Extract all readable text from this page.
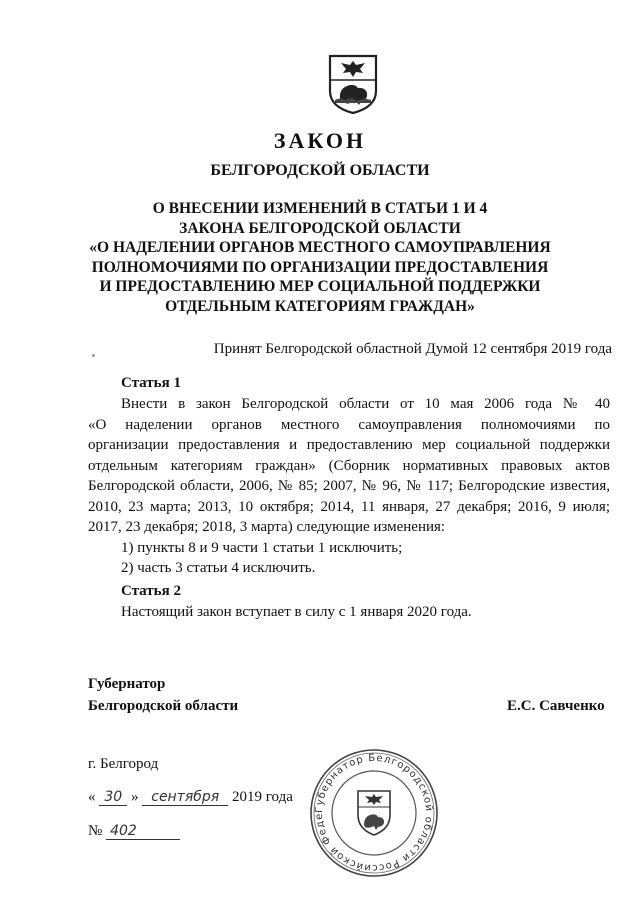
ЗАКОН
БЕЛГОРОДСКОЙ ОБЛАСТИ
О ВНЕСЕНИИ ИЗМЕНЕНИЙ В СТАТЬИ 1 И 4
ЗАКОНА БЕЛГОРОДСКОЙ ОБЛАСТИ
«О НАДЕЛЕНИИ ОРГАНОВ МЕСТНОГО САМОУПРАВЛЕНИЯ
ПОЛНОМОЧИЯМИ ПО ОРГАНИЗАЦИИ ПРЕДОСТАВЛЕНИЯ
И ПРЕДОСТАВЛЕНИЮ МЕР СОЦИАЛЬНОЙ ПОДДЕРЖКИ
ОТДЕЛЬНЫМ КАТЕГОРИЯМ ГРАЖДАН»
Принят Белгородской областной Думой 12 сентября 2019 года
Статья 1
Внести в закон Белгородской области от 10 мая 2006 года № 40
«О наделении органов местного самоуправления полномочиями по
организации предоставления и предоставлению мер социальной поддержки
отдельным категориям граждан» (Сборник нормативных правовых актов
Белгородской области, 2006, № 85; 2007, № 96, № 117; Белгородские известия,
2010, 23 марта; 2013, 10 октября; 2014, 11 января, 27 декабря; 2016, 9 июля;
2017, 23 декабря; 2018, 3 марта) следующие изменения:
1) пункты 8 и 9 части 1 статьи 1 исключить;
2) часть 3 статьи 4 исключить.
Статья 2
Настоящий закон вступает в силу с 1 января 2020 года.
Губернатор
Белгородской области	Е.С. Савченко
г. Белгород
« 30 » сентября 2019 года
№ 402
Губернатор Белгородской области Российской Феде
